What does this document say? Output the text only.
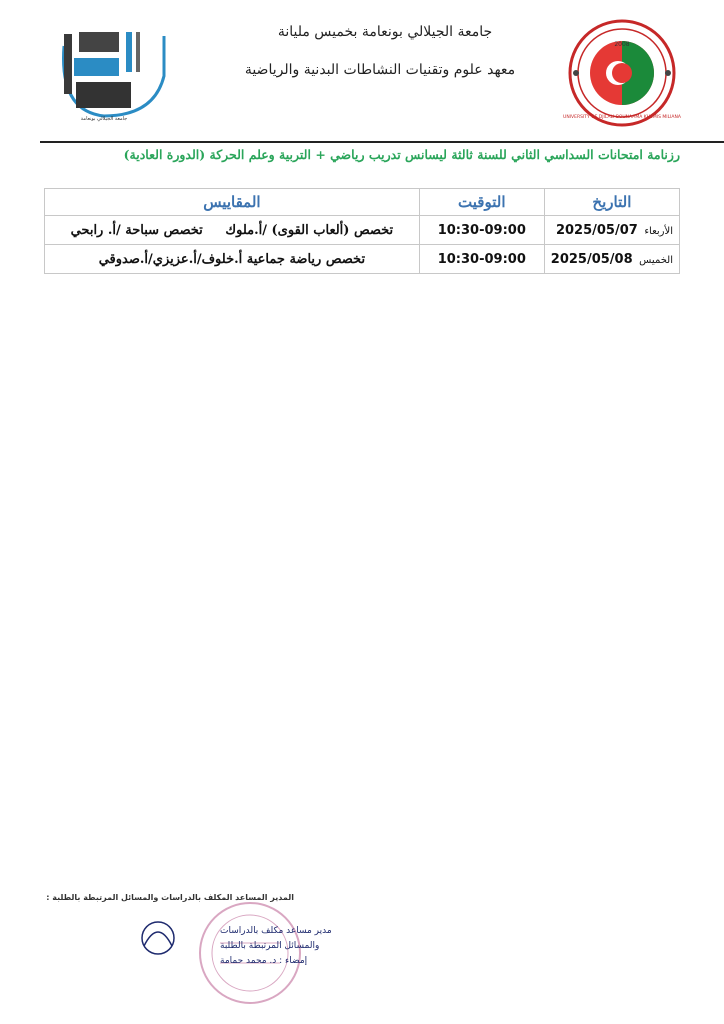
2008
UNIVERSITY OF DJILALI BOUNAAMA KHEMIS MILIANA
جامعة الجيلالي بونعامة بخميس مليانة
معهد علوم وتقنيات النشاطات البدنية والرياضية
جامعة الجيلالي بونعامة
رزنامة امتحانات السداسي الثاني للسنة ثالثة ليسانس تدريب رياضي + التربية وعلم الحركة (الدورة العادية)
التاريخ	التوقيت	المقاييس
الأربعاء 2025/05/07	10:30-09:00	تخصص (ألعاب القوى) /أ.ملوك     تخصص سباحة /أ. رابحي
الخميس 2025/05/08	10:30-09:00	تخصص رياضة جماعية أ.خلوف/أ.عزيزي/أ.صدوقي
المدير المساعد المكلف بالدراسات والمسائل المرتبطة بالطلبة :
مدير مساعد مكلف بالدراسات
والمسائل المرتبطة بالطلبة
إمضاء : د. محمد حمامة
